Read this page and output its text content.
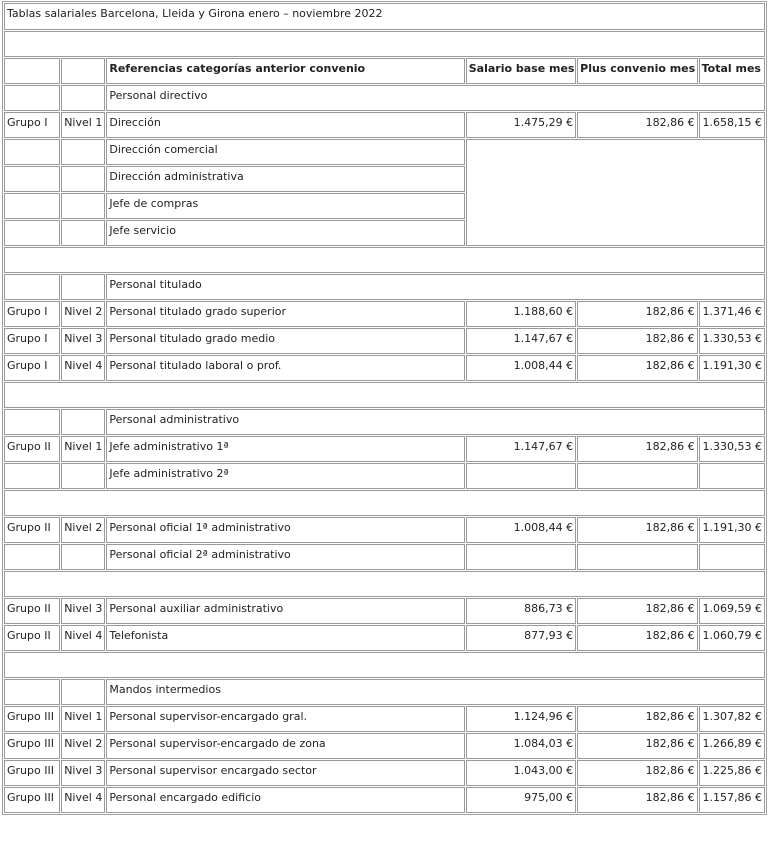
Tablas salariales Barcelona, Lleida y Girona enero – noviembre 2022					

		Referencias categorías anterior convenio	Salario base mes	Plus convenio mes	Total mes
		Personal directivo			
Grupo I	Nivel 1	Dirección	1.475,29 €	182,86 €	1.658,15 €
		Dirección comercial			
		Dirección administrativa			
		Jefe de compras			
		Jefe servicio			

		Personal titulado			
Grupo I	Nivel 2	Personal titulado grado superior	1.188,60 €	182,86 €	1.371,46 €
Grupo I	Nivel 3	Personal titulado grado medio	1.147,67 €	182,86 €	1.330,53 €
Grupo I	Nivel 4	Personal titulado laboral o prof.	1.008,44 €	182,86 €	1.191,30 €

		Personal administrativo			
Grupo II	Nivel 1	Jefe administrativo 1ª	1.147,67 €	182,86 €	1.330,53 €
		Jefe administrativo 2ª			

Grupo II	Nivel 2	Personal oficial 1ª administrativo	1.008,44 €	182,86 €	1.191,30 €
		Personal oficial 2ª administrativo			

Grupo II	Nivel 3	Personal auxiliar administrativo	886,73 €	182,86 €	1.069,59 €
Grupo II	Nivel 4	Telefonista	877,93 €	182,86 €	1.060,79 €

		Mandos intermedios			
Grupo III	Nivel 1	Personal supervisor-encargado gral.	1.124,96 €	182,86 €	1.307,82 €
Grupo III	Nivel 2	Personal supervisor-encargado de zona	1.084,03 €	182,86 €	1.266,89 €
Grupo III	Nivel 3	Personal supervisor encargado sector	1.043,00 €	182,86 €	1.225,86 €
Grupo III	Nivel 4	Personal encargado edificio	975,00 €	182,86 €	1.157,86 €
